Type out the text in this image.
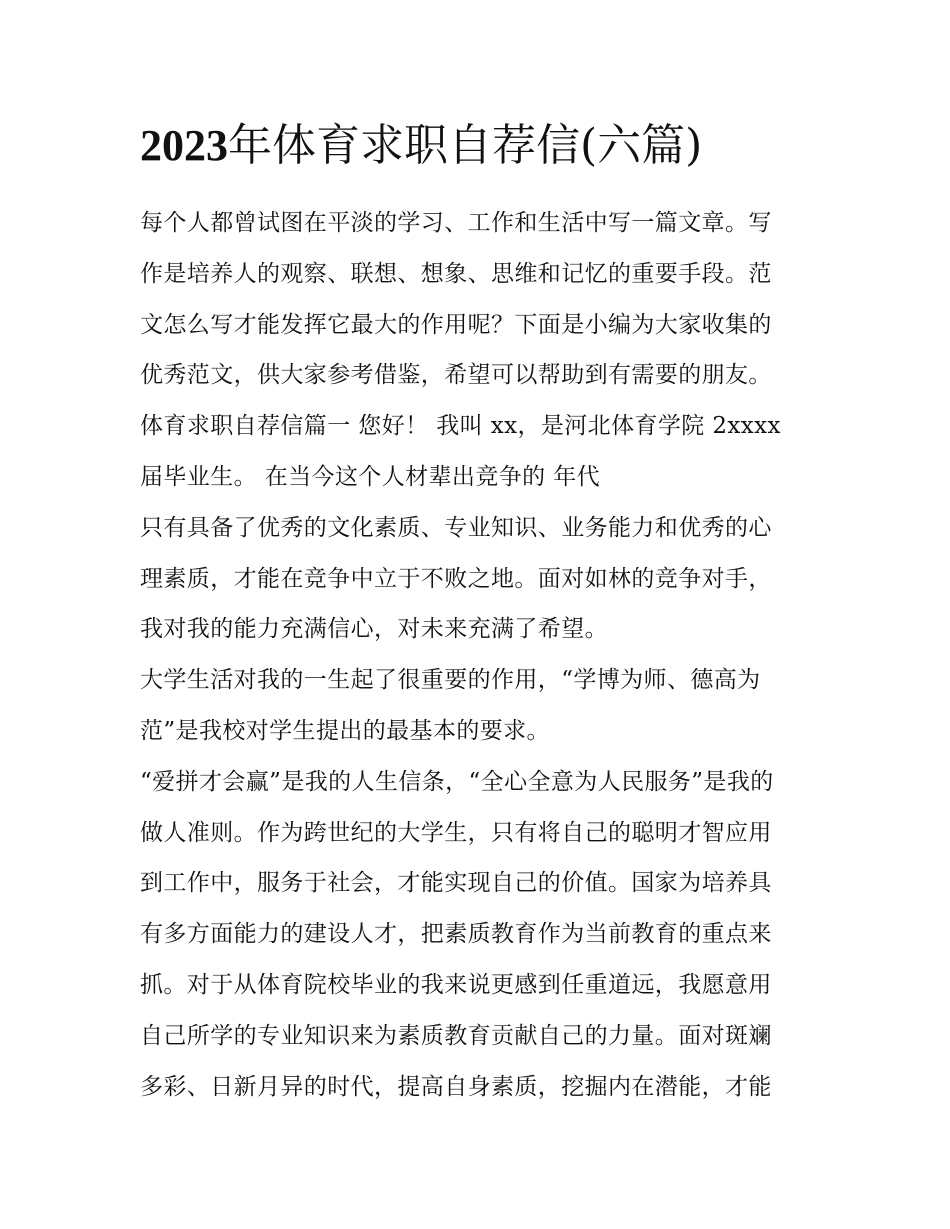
2023年体育求职自荐信(六篇)
每个人都曾试图在平淡的学习、工作和生活中写一篇文章。写
作是培养人的观察、联想、想象、思维和记忆的重要手段。范
文怎么写才能发挥它最大的作用呢？下面是小编为大家收集的
优秀范文，供大家参考借鉴，希望可以帮助到有需要的朋友。
体育求职自荐信篇一 您好！ 我叫 xx，是河北体育学院 2xxxx
届毕业生。 在当今这个人材辈出竞争的 年代
只有具备了优秀的文化素质、专业知识、业务能力和优秀的心
理素质，才能在竞争中立于不败之地。面对如林的竞争对手，
我对我的能力充满信心，对未来充满了希望。
大学生活对我的一生起了很重要的作用，“学博为师、德高为
范”是我校对学生提出的最基本的要求。
“爱拼才会赢”是我的人生信条，“全心全意为人民服务”是我的
做人准则。作为跨世纪的大学生，只有将自己的聪明才智应用
到工作中，服务于社会，才能实现自己的价值。国家为培养具
有多方面能力的建设人才，把素质教育作为当前教育的重点来
抓。对于从体育院校毕业的我来说更感到任重道远，我愿意用
自己所学的专业知识来为素质教育贡献自己的力量。面对斑斓
多彩、日新月异的时代，提高自身素质，挖掘内在潜能，才能
